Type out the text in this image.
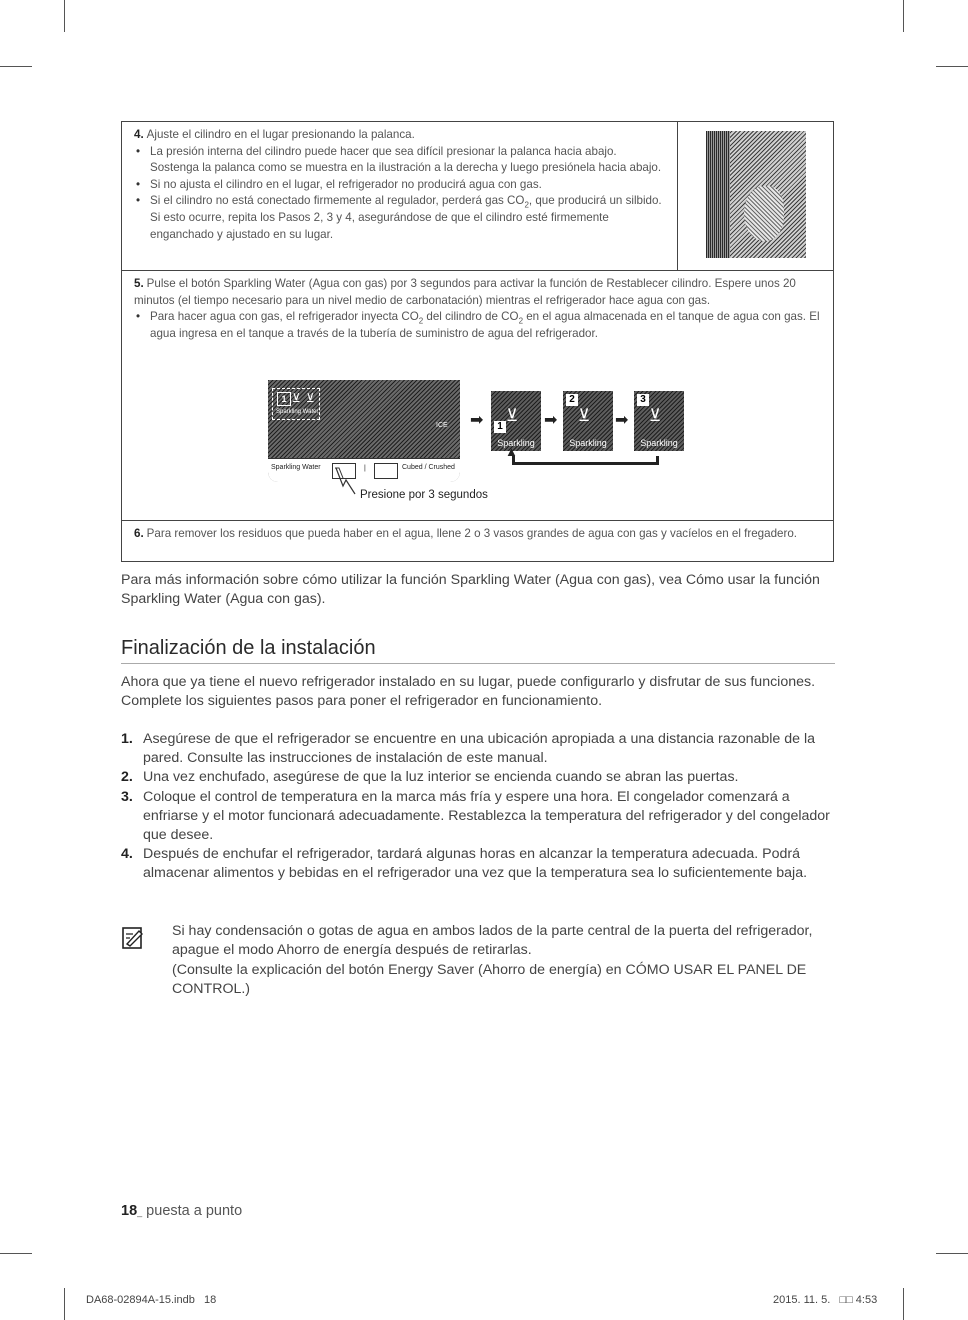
4. Ajuste el cilindro en el lugar presionando la palanca.
• La presión interna del cilindro puede hacer que sea difícil presionar la palanca hacia abajo. Sostenga la palanca como se muestra en la ilustración a la derecha y luego presiónela hacia abajo.
• Si no ajusta el cilindro en el lugar, el refrigerador no producirá agua con gas.
• Si el cilindro no está conectado firmemente al regulador, perderá gas $CO_2$, que producirá un silbido. Si esto ocurre, repita los Pasos 2, 3 y 4, asegurándose de que el cilindro esté firmemente enganchado y ajustado en su lugar.
5. Pulse el botón Sparkling Water (Agua con gas) por 3 segundos para activar la función de Restablecer cilindro. Espere unos 20 minutos (el tiempo necesario para un nivel medio de carbonatación) mientras el refrigerador hace agua con gas.
• Para hacer agua con gas, el refrigerador inyecta $CO_2$ del cilindro de $CO_2$ en el agua almacenada en el tanque de agua con gas. El agua ingresa en el tanque a través de la tubería de suministro de agua del refrigerador.
1 ⊻ ⊻
Sparkling Water
ICE
Sparkling Water	|	Cubed / Crushed
➡	1
⊻
Sparkling
➡
2
⊻
Sparkling
➡
3
⊻
Sparkling
▲
Presione por 3 segundos
6. Para remover los residuos que pueda haber en el agua, llene 2 o 3 vasos grandes de agua con gas y vacíelos en el fregadero.
Para más información sobre cómo utilizar la función Sparkling Water (Agua con gas), vea Cómo usar la función Sparkling Water (Agua con gas).
Finalización de la instalación
Ahora que ya tiene el nuevo refrigerador instalado en su lugar, puede configurarlo y disfrutar de sus funciones. Complete los siguientes pasos para poner el refrigerador en funcionamiento.
1. Asegúrese de que el refrigerador se encuentre en una ubicación apropiada a una distancia razonable de la pared. Consulte las instrucciones de instalación de este manual.
2. Una vez enchufado, asegúrese de que la luz interior se encienda cuando se abran las puertas.
3. Coloque el control de temperatura en la marca más fría y espere una hora. El congelador comenzará a enfriarse y el motor funcionará adecuadamente. Restablezca la temperatura del refrigerador y del congelador que desee.
4. Después de enchufar el refrigerador, tardará algunas horas en alcanzar la temperatura adecuada. Podrá almacenar alimentos y bebidas en el refrigerador una vez que la temperatura sea lo suficientemente baja.
Si hay condensación o gotas de agua en ambos lados de la parte central de la puerta del refrigerador, apague el modo Ahorro de energía después de retirarlas.
(Consulte la explicación del botón Energy Saver (Ahorro de energía) en CÓMO USAR EL PANEL DE CONTROL.)
18_ puesta a punto
DA68-02894A-15.indb   18	2015. 11. 5.   □□ 4:53
